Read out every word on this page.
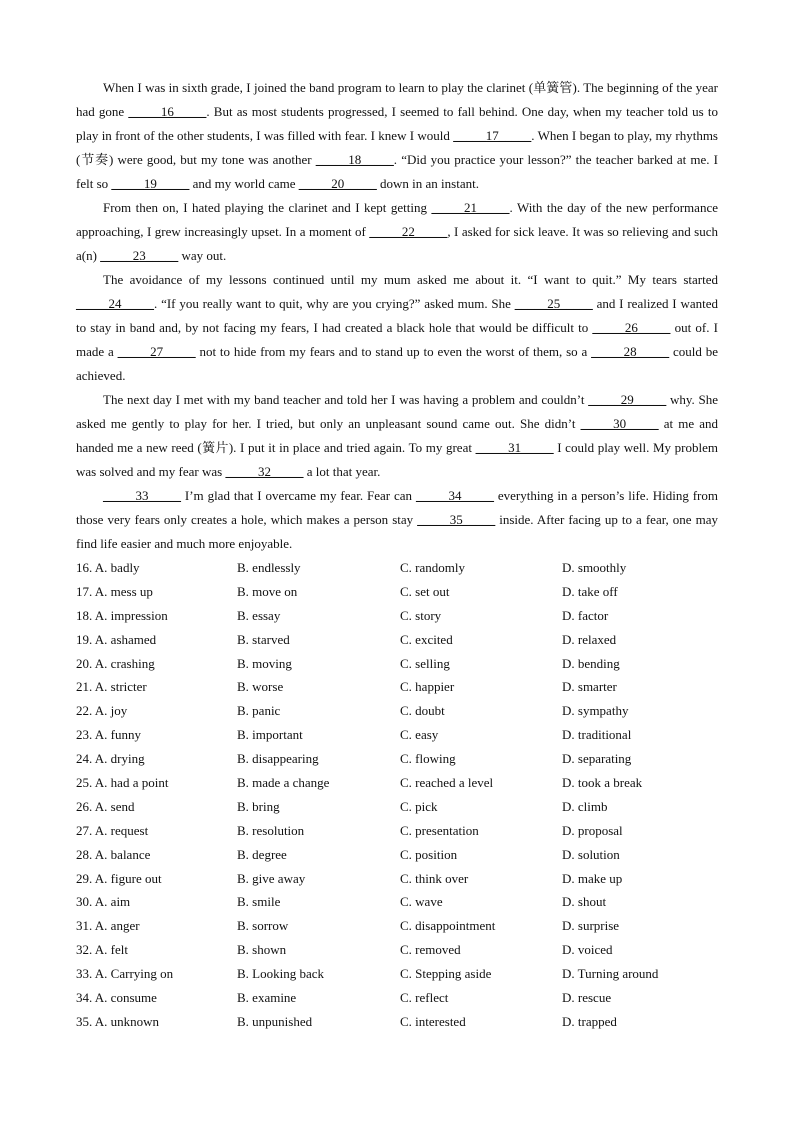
When I was in sixth grade, I joined the band program to learn to play the clarinet (单簧管). The beginning of the year had gone _____16_____. But as most students progressed, I seemed to fall behind. One day, when my teacher told us to play in front of the other students, I was filled with fear. I knew I would _____17_____. When I began to play, my rhythms (节奏) were good, but my tone was another _____18_____. “Did you practice your lesson?” the teacher barked at me. I felt so _____19_____ and my world came _____20_____ down in an instant.

From then on, I hated playing the clarinet and I kept getting _____21_____. With the day of the new performance approaching, I grew increasingly upset. In a moment of _____22_____, I asked for sick leave. It was so relieving and such a(n) _____23_____ way out.

The avoidance of my lessons continued until my mum asked me about it. “I want to quit.” My tears started _____24_____. “If you really want to quit, why are you crying?” asked mum. She _____25_____ and I realized I wanted to stay in band and, by not facing my fears, I had created a black hole that would be difficult to _____26_____ out of. I made a _____27_____ not to hide from my fears and to stand up to even the worst of them, so a _____28_____ could be achieved.

The next day I met with my band teacher and told her I was having a problem and couldn’t _____29_____ why. She asked me gently to play for her. I tried, but only an unpleasant sound came out. She didn’t _____30_____ at me and handed me a new reed (簧片). I put it in place and tried again. To my great _____31_____ I could play well. My problem was solved and my fear was _____32_____ a lot that year.

_____33_____ I’m glad that I overcame my fear. Fear can _____34_____ everything in a person’s life. Hiding from those very fears only creates a hole, which makes a person stay _____35_____ inside. After facing up to a fear, one may find life easier and much more enjoyable.

16. A. badly	B. endlessly	C. randomly	D. smoothly
17. A. mess up	B. move on	C. set out	D. take off
18. A. impression	B. essay	C. story	D. factor
19. A. ashamed	B. starved	C. excited	D. relaxed
20. A. crashing	B. moving	C. selling	D. bending
21. A. stricter	B. worse	C. happier	D. smarter
22. A. joy	B. panic	C. doubt	D. sympathy
23. A. funny	B. important	C. easy	D. traditional
24. A. drying	B. disappearing	C. flowing	D. separating
25. A. had a point	B. made a change	C. reached a level	D. took a break
26. A. send	B. bring	C. pick	D. climb
27. A. request	B. resolution	C. presentation	D. proposal
28. A. balance	B. degree	C. position	D. solution
29. A. figure out	B. give away	C. think over	D. make up
30. A. aim	B. smile	C. wave	D. shout
31. A. anger	B. sorrow	C. disappointment	D. surprise
32. A. felt	B. shown	C. removed	D. voiced
33. A. Carrying on	B. Looking back	C. Stepping aside	D. Turning around
34. A. consume	B. examine	C. reflect	D. rescue
35. A. unknown	B. unpunished	C. interested	D. trapped
